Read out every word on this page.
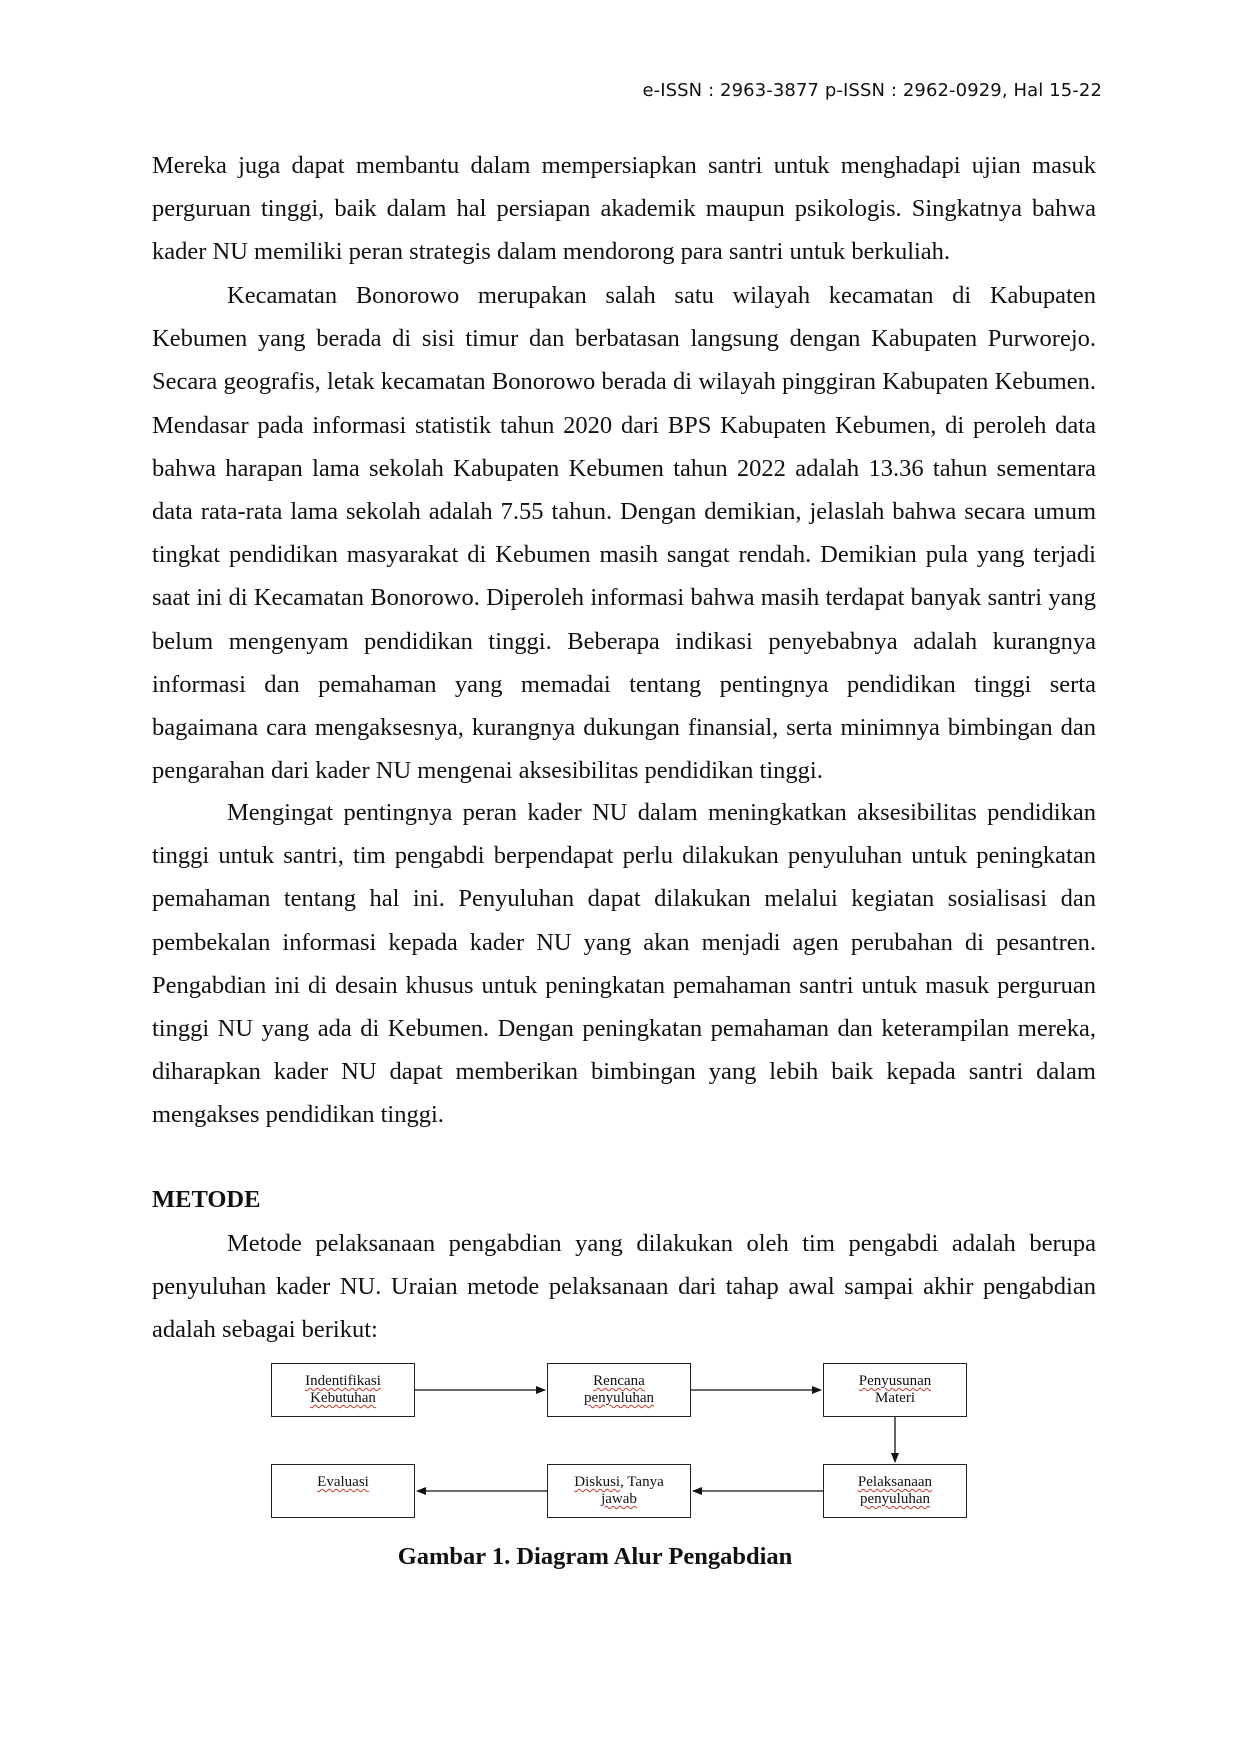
e-ISSN : 2963-3877 p-ISSN : 2962-0929, Hal 15-22

Mereka juga dapat membantu dalam mempersiapkan santri untuk menghadapi ujian masuk perguruan tinggi, baik dalam hal persiapan akademik maupun psikologis. Singkatnya bahwa kader NU memiliki peran strategis dalam mendorong para santri untuk berkuliah.

Kecamatan Bonorowo merupakan salah satu wilayah kecamatan di Kabupaten Kebumen yang berada di sisi timur dan berbatasan langsung dengan Kabupaten Purworejo. Secara geografis, letak kecamatan Bonorowo berada di wilayah pinggiran Kabupaten Kebumen. Mendasar pada informasi statistik tahun 2020 dari BPS Kabupaten Kebumen, di peroleh data bahwa harapan lama sekolah Kabupaten Kebumen tahun 2022 adalah 13.36 tahun sementara data rata-rata lama sekolah adalah 7.55 tahun. Dengan demikian, jelaslah bahwa secara umum tingkat pendidikan masyarakat di Kebumen masih sangat rendah. Demikian pula yang terjadi saat ini di Kecamatan Bonorowo. Diperoleh informasi bahwa masih terdapat banyak santri yang belum mengenyam pendidikan tinggi. Beberapa indikasi penyebabnya adalah kurangnya informasi dan pemahaman yang memadai tentang pentingnya pendidikan tinggi serta bagaimana cara mengaksesnya, kurangnya dukungan finansial, serta minimnya bimbingan dan pengarahan dari kader NU mengenai aksesibilitas pendidikan tinggi.

Mengingat pentingnya peran kader NU dalam meningkatkan aksesibilitas pendidikan tinggi untuk santri, tim pengabdi berpendapat perlu dilakukan penyuluhan untuk peningkatan pemahaman tentang hal ini. Penyuluhan dapat dilakukan melalui kegiatan sosialisasi dan pembekalan informasi kepada kader NU yang akan menjadi agen perubahan di pesantren. Pengabdian ini di desain khusus untuk peningkatan pemahaman santri untuk masuk perguruan tinggi NU yang ada di Kebumen. Dengan peningkatan pemahaman dan keterampilan mereka, diharapkan kader NU dapat memberikan bimbingan yang lebih baik kepada santri dalam mengakses pendidikan tinggi.

METODE

Metode pelaksanaan pengabdian yang dilakukan oleh tim pengabdi adalah berupa penyuluhan kader NU. Uraian metode pelaksanaan dari tahap awal sampai akhir pengabdian adalah sebagai berikut:

Indentifikasi
Kebutuhan
Rencana
penyuluhan
Penyusunan
Materi
Evaluasi	Diskusi, Tanya
jawab
Pelaksanaan
penyuluhan
Gambar 1. Diagram Alur Pengabdian
